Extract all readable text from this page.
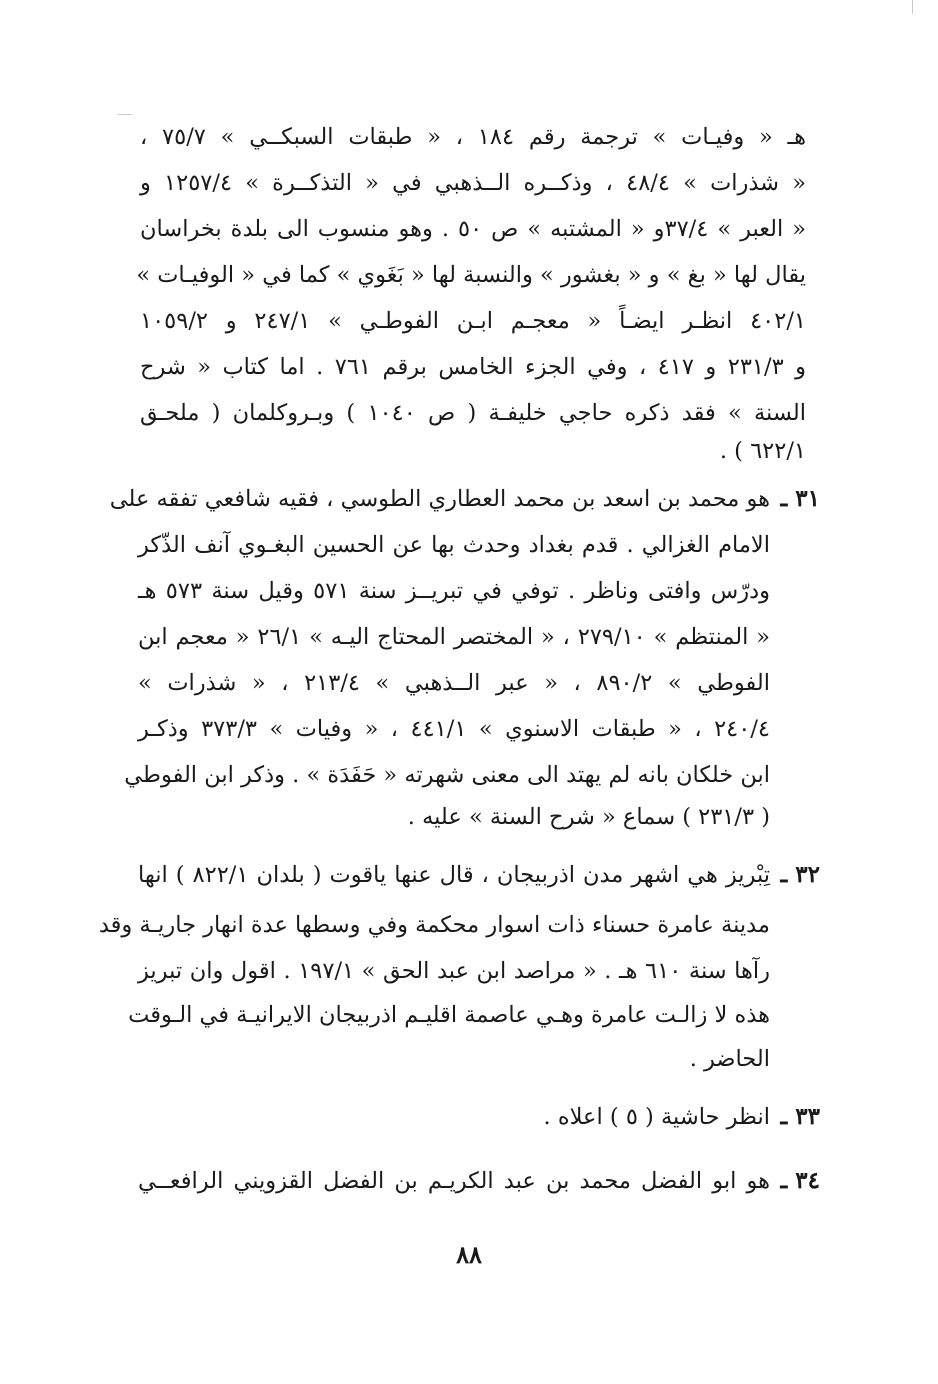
هـ « وفيـات » ترجمة رقم ١٨٤ ، « طبقات السبكــي » ٧٥/٧ ،
« شذرات » ٤٨/٤ ، وذكــره الــذهبي في « التذكــرة » ١٢٥٧/٤ و
« العبر » ٣٧/٤و « المشتبه » ص ٥٠ . وهو منسوب الى بلدة بخراسان
يقال لها « بغ » و « بغشور » والنسبة لها « بَغَوي » كما في « الوفيـات »
٤٠٢/١ انظـر ايضـاً « معجـم ابـن الفوطـي » ٢٤٧/١ و ١٠٥٩/٢
و ٢٣١/٣ و ٤١٧ ، وفي الجزء الخامس برقم ٧٦١ . اما كتاب « شرح
السنة » فقد ذكره حاجي خليفـة ( ص ١٠٤٠ ) وبـروكلمان ( ملحـق
٦٢٢/١ ) .
٣١ ـ
هو محمد بن اسعد بن محمد العطاري الطوسي ، فقيه شافعي تفقه على
الامام الغزالي . قدم بغداد وحدث بها عن الحسين البغـوي آنف الذّكر
ودرّس وافتى وناظر . توفي في تبريــز سنة ٥٧١ وقيل سنة ٥٧٣ هـ
« المنتظم » ٢٧٩/١٠ ، « المختصر المحتاج اليـه » ٢٦/١ « معجم ابن
الفوطي » ٨٩٠/٢ ، « عبر الــذهبي » ٢١٣/٤ ، « شذرات »
٢٤٠/٤ ، « طبقات الاسنوي » ٤٤١/١ ، « وفيات » ٣٧٣/٣ وذكـر
ابن خلكان بانه لم يهتد الى معنى شهرته « حَفَدَة » . وذكر ابن الفوطي
( ٢٣١/٣ ) سماع « شرح السنة » عليه .
٣٢ ـ
تِبْريز هي اشهر مدن اذربيجان ، قال عنها ياقوت ( بلدان ٨٢٢/١ ) انها
مدينة عامرة حسناء ذات اسوار محكمة وفي وسطها عدة انهار جاريـة وقد
رآها سنة ٦١٠ هـ . « مراصد ابن عبد الحق » ١٩٧/١ . اقول وان تبريز
هذه لا زالـت عامرة وهـي عاصمة اقليـم اذربيجان الايرانيـة في الـوقت
الحاضر .
٣٣ ـ
انظر حاشية ( ٥ ) اعلاه .
٣٤ ـ
هو ابو الفضل محمد بن عبد الكريـم بن الفضل القزويني الرافعــي
٨٨
